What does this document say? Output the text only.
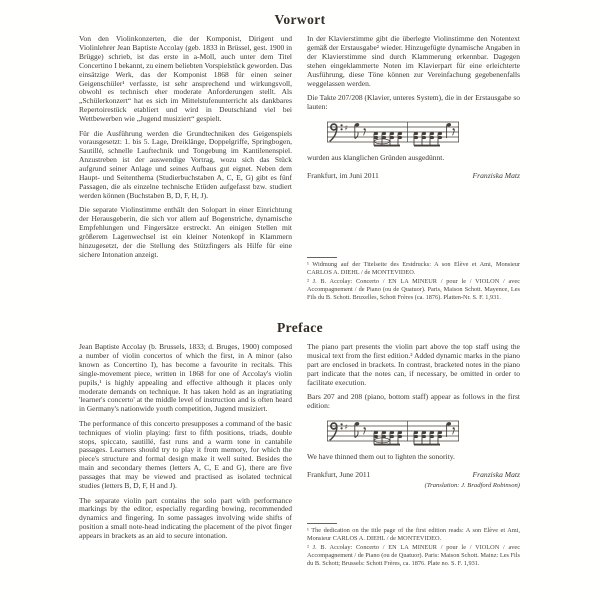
Vorwort

Von den Violinkonzerten, die der Komponist, Dirigent und Violinlehrer Jean Baptiste Accolay (geb. 1833 in Brüssel, gest. 1900 in Brügge) schrieb, ist das erste in a-Moll, auch unter dem Titel Concertino I bekannt, zu einem beliebten Vorspielstück geworden. Das einsätzige Werk, das der Komponist 1868 für einen seiner Geigenschüler¹ verfasste, ist sehr ansprechend und wirkungsvoll, obwohl es technisch eher moderate Anforderungen stellt. Als „Schülerkonzert“ hat es sich im Mittelstufenunterricht als dankbares Repertoirestück etabliert und wird in Deutschland viel bei Wettbewerben wie „Jugend musiziert“ gespielt.

Für die Ausführung werden die Grundtechniken des Geigenspiels vorausgesetzt: 1. bis 5. Lage, Dreiklänge, Doppelgriffe, Springbogen, Sautillé, schnelle Lauftechnik und Tongebung im Kantilenenspiel. Anzustreben ist der auswendige Vortrag, wozu sich das Stück aufgrund seiner Anlage und seines Aufbaus gut eignet. Neben dem Haupt- und Seitenthema (Studierbuchstaben A, C, E, G) gibt es fünf Passagen, die als einzelne technische Etüden aufgefasst bzw. studiert werden können (Buchstaben B, D, F, H, J).

Die separate Violinstimme enthält den Solopart in einer Einrichtung der Herausgeberin, die sich vor allem auf Bogenstriche, dynamische Empfehlungen und Fingersätze erstreckt. An einigen Stellen mit größerem Lagenwechsel ist ein kleiner Notenkopf in Klammern hinzugesetzt, der die Stellung des Stützfingers als Hilfe für eine sichere Intonation anzeigt.

In der Klavierstimme gibt die überlegte Violinstimme den Notentext gemäß der Erstausgabe² wieder. Hinzugefügte dynamische Angaben in der Klavierstimme sind durch Klammerung erkennbar. Dagegen stehen eingeklammerte Noten im Klavierpart für eine erleichterte Ausführung, diese Töne können zur Vereinfachung gegebenenfalls weggelassen werden.

Die Takte 207/208 (Klavier, unteres System), die in der Erstausgabe so lauten:

wurden aus klanglichen Gründen ausgedünnt.

Frankfurt, im Juni 2011	Franziska Matz

¹ Widmung auf der Titelseite des Erstdrucks: A son Elève et Ami, Monsieur CARLOS A. DIEHL / de MONTEVIDEO.

² J. B. Accolay: Concerto / EN LA MINEUR / pour le / VIOLON / avec Accompagnement / de Piano (ou de Quatuor). Paris, Maison Schott. Mayence, Les Fils du B. Schott. Bruxelles, Schott Frères (ca. 1876). Platten-Nr. S. F. 1,931.

Preface

Jean Baptiste Accolay (b. Brussels, 1833; d. Bruges, 1900) composed a number of violin concertos of which the first, in A minor (also known as Concertino I), has become a favourite in recitals. This single-movement piece, written in 1868 for one of Accolay's violin pupils,¹ is highly appealing and effective although it places only moderate demands on technique. It has taken hold as an ingratiating 'learner's concerto' at the middle level of instruction and is often heard in Germany's nationwide youth competition, Jugend musiziert.

The performance of this concerto presupposes a command of the basic techniques of violin playing: first to fifth positions, triads, double stops, spiccato, sautillé, fast runs and a warm tone in cantabile passages. Learners should try to play it from memory, for which the piece's structure and formal design make it well suited. Besides the main and secondary themes (letters A, C, E and G), there are five passages that may be viewed and practised as isolated technical studies (letters B, D, F, H and J).

The separate violin part contains the solo part with performance markings by the editor, especially regarding bowing, recommended dynamics and fingering. In some passages involving wide shifts of position a small note-head indicating the placement of the pivot finger appears in brackets as an aid to secure intonation.

The piano part presents the violin part above the top staff using the musical text from the first edition.² Added dynamic marks in the piano part are enclosed in brackets. In contrast, bracketed notes in the piano part indicate that the notes can, if necessary, be omitted in order to facilitate execution.

Bars 207 and 208 (piano, bottom staff) appear as follows in the first edition:

We have thinned them out to lighten the sonority.

Frankfurt, June 2011	Franziska Matz
(Translation: J. Bradford Robinson)

¹ The dedication on the title page of the first edition reads: A son Elève et Ami, Monsieur CARLOS A. DIEHL / de MONTEVIDEO.

² J. B. Accolay: Concerto / EN LA MINEUR / pour le / VIOLON / avec Accompagnement / de Piano (ou de Quatuor). Paris: Maison Schott. Mainz: Les Fils du B. Schott; Brussels: Schott Frères, ca. 1876. Plate no. S. F. 1,931.
